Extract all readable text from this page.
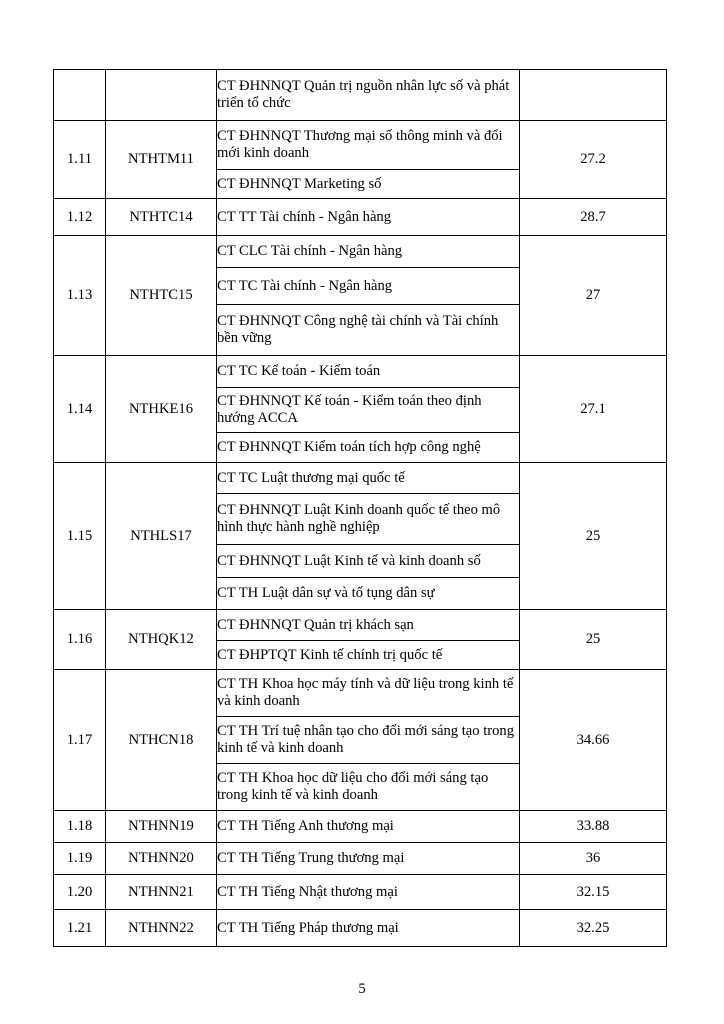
		CT ĐHNNQT Quản trị nguồn nhân lực số và phát triển tổ chức	
1.11	NTHTM11	CT ĐHNNQT Thương mại số thông minh và đổi mới kinh doanh	27.2
		CT ĐHNNQT Marketing số	
1.12	NTHTC14	CT TT Tài chính - Ngân hàng	28.7
1.13	NTHTC15	CT CLC Tài chính - Ngân hàng	27
		CT TC Tài chính - Ngân hàng	
		CT ĐHNNQT Công nghệ tài chính và Tài chính bền vững	
1.14	NTHKE16	CT TC Kế toán - Kiểm toán	27.1
		CT ĐHNNQT Kế toán - Kiểm toán theo định hướng ACCA	
		CT ĐHNNQT Kiểm toán tích hợp công nghệ	
1.15	NTHLS17	CT TC Luật thương mại quốc tế	25
		CT ĐHNNQT Luật Kinh doanh quốc tế theo mô hình thực hành nghề nghiệp	
		CT ĐHNNQT Luật Kinh tế và kinh doanh số	
		CT TH Luật dân sự và tố tụng dân sự	
1.16	NTHQK12	CT ĐHNNQT Quản trị khách sạn	25
		CT ĐHPTQT Kinh tế chính trị quốc tế	
1.17	NTHCN18	CT TH Khoa học máy tính và dữ liệu trong kinh tế và kinh doanh	34.66
		CT TH Trí tuệ nhân tạo cho đổi mới sáng tạo trong kinh tế và kinh doanh	
		CT TH Khoa học dữ liệu cho đổi mới sáng tạo trong kinh tế và kinh doanh	
1.18	NTHNN19	CT TH Tiếng Anh thương mại	33.88
1.19	NTHNN20	CT TH Tiếng Trung thương mại	36
1.20	NTHNN21	CT TH Tiếng Nhật thương mại	32.15
1.21	NTHNN22	CT TH Tiếng Pháp thương mại	32.25
5
